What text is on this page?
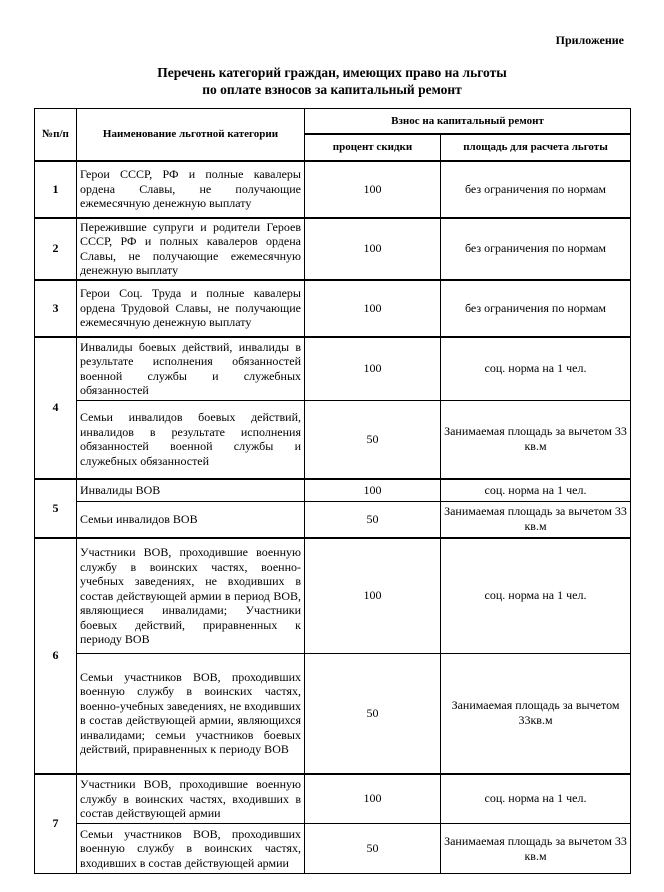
Приложение
Перечень категорий граждан, имеющих право на льготы
по оплате взносов за капитальный ремонт
№п/п	Наименование льготной категории	Взнос на капитальный ремонт	
		процент скидки	площадь для расчета льготы
1	Герои СССР, РФ и полные кавалеры ордена Славы, не получающие ежемесячную денежную выплату	100	без ограничения по нормам
2	Пережившие супруги и родители Героев СССР, РФ и полных кавалеров ордена Славы, не получающие ежемесячную денежную выплату	100	без ограничения по нормам
3	Герои Соц. Труда и полные кавалеры ордена Трудовой Славы, не получающие ежемесячную денежную выплату	100	без ограничения по нормам
4	Инвалиды боевых действий, инвалиды в результате исполнения обязанностей военной службы и служебных обязанностей	100	соц. норма на 1 чел.
	Семьи инвалидов боевых действий, инвалидов в результате исполнения обязанностей военной службы и служебных обязанностей	50	Занимаемая площадь за вычетом 33 кв.м
5	Инвалиды ВОВ	100	соц. норма на 1 чел.
	Семьи инвалидов ВОВ	50	Занимаемая площадь за вычетом 33 кв.м
6	Участники ВОВ, проходившие военную службу в воинских частях, военно-учебных заведениях, не входивших в состав действующей армии в период ВОВ, являющиеся инвалидами; Участники боевых действий, приравненных к периоду ВОВ	100	соц. норма на 1 чел.
	Семьи участников ВОВ, проходивших военную службу в воинских частях, военно-учебных заведениях, не входивших в состав действующей армии, являющихся инвалидами; семьи участников боевых действий, приравненных к периоду ВОВ	50	Занимаемая площадь за вычетом 33кв.м
7	Участники ВОВ, проходившие военную службу в воинских частях, входивших в состав действующей армии	100	соц. норма на 1 чел.
	Семьи участников ВОВ, проходивших военную службу в воинских частях, входивших в состав действующей армии	50	Занимаемая площадь за вычетом 33 кв.м
